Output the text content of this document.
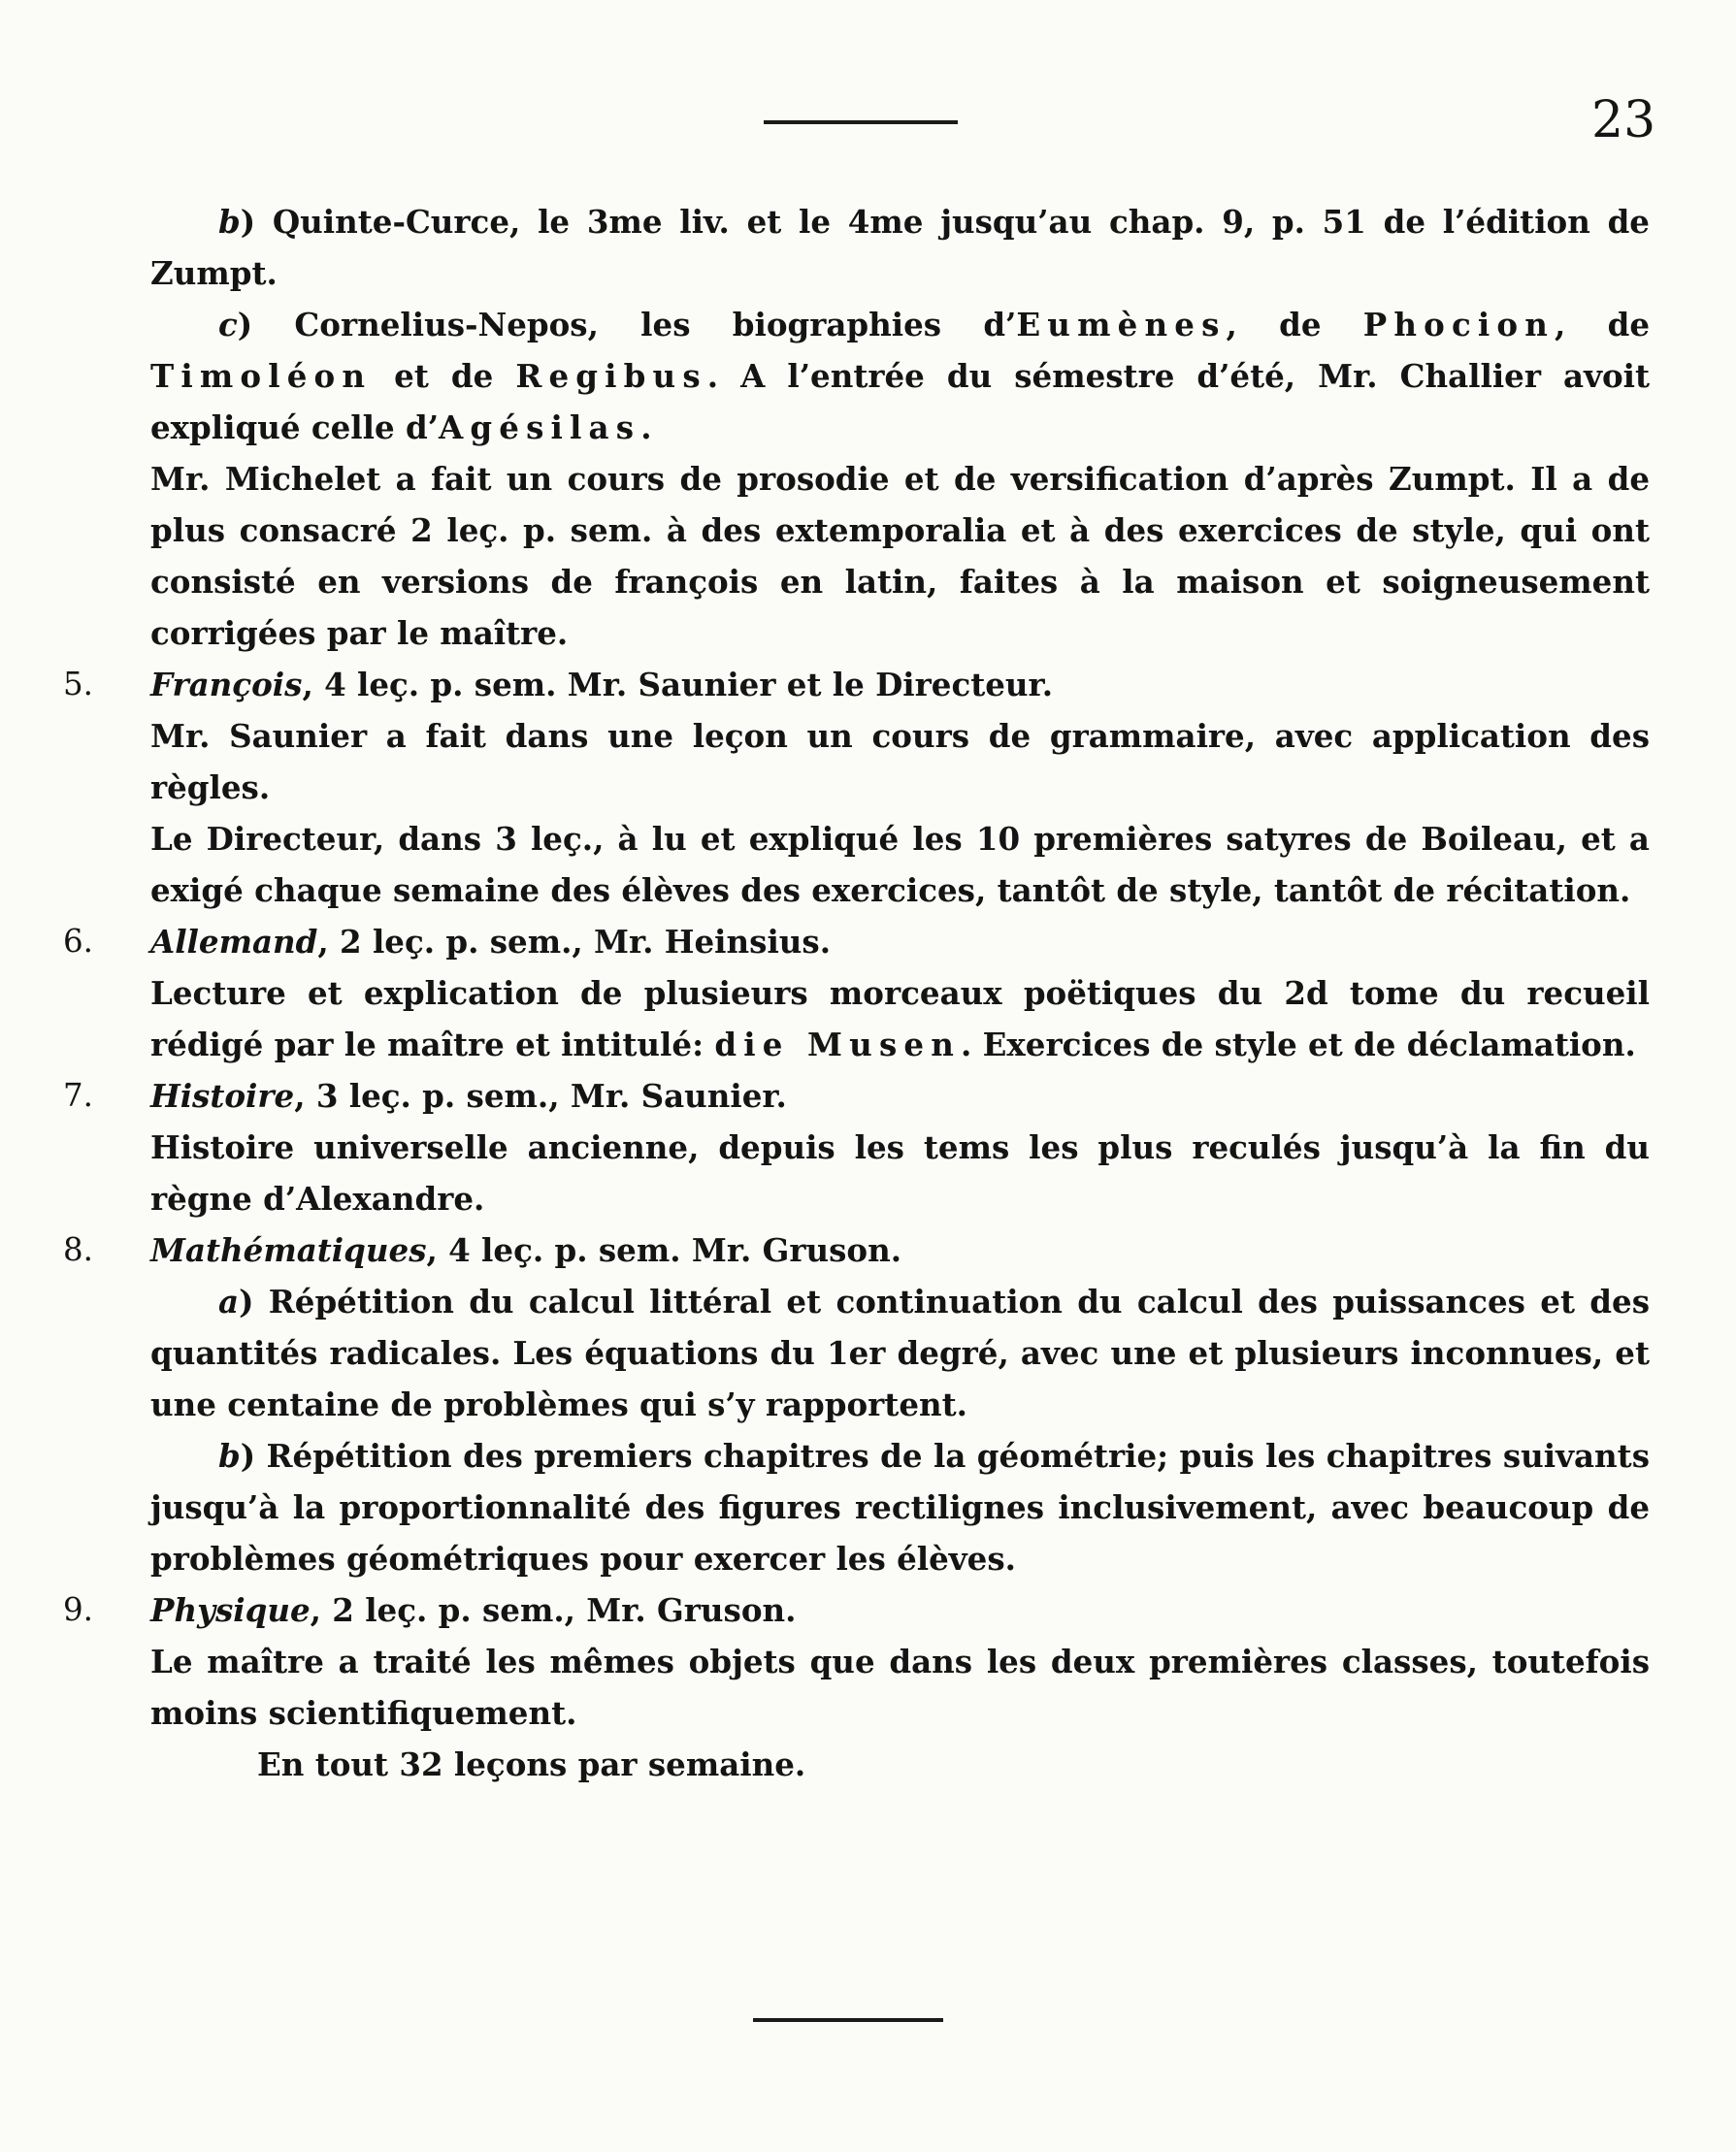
23

b) Quinte-Curce, le 3me liv. et le 4me jusqu’au chap. 9, p. 51 de l’édition de Zumpt.

c) Cornelius-Nepos, les biographies d’Eumènes, de Phocion, de Timoléon et de Regibus. A l’entrée du sémestre d’été, Mr. Challier avoit expliqué celle d’Agésilas.

Mr. Michelet a fait un cours de prosodie et de versification d’après Zumpt. Il a de plus consacré 2 leç. p. sem. à des extemporalia et à des exercices de style, qui ont consisté en versions de françois en latin, faites à la maison et soigneusement corrigées par le maître.

5. François, 4 leç. p. sem. Mr. Saunier et le Directeur.

Mr. Saunier a fait dans une leçon un cours de grammaire, avec application des règles.

Le Directeur, dans 3 leç., à lu et expliqué les 10 premières satyres de Boileau, et a exigé chaque semaine des élèves des exercices, tantôt de style, tantôt de récitation.

6. Allemand, 2 leç. p. sem., Mr. Heinsius.

Lecture et explication de plusieurs morceaux poëtiques du 2d tome du recueil rédigé par le maître et intitulé: die Musen. Exercices de style et de déclamation.

7. Histoire, 3 leç. p. sem., Mr. Saunier.

Histoire universelle ancienne, depuis les tems les plus reculés jusqu’à la fin du règne d’Alexandre.

8. Mathématiques, 4 leç. p. sem. Mr. Gruson.

a) Répétition du calcul littéral et continuation du calcul des puissances et des quantités radicales. Les équations du 1er degré, avec une et plusieurs inconnues, et une centaine de problèmes qui s’y rapportent.

b) Répétition des premiers chapitres de la géométrie; puis les chapitres suivants jusqu’à la proportionnalité des figures rectilignes inclusivement, avec beaucoup de problèmes géométriques pour exercer les élèves.

9. Physique, 2 leç. p. sem., Mr. Gruson.

Le maître a traité les mêmes objets que dans les deux premières classes, toutefois moins scientifiquement.

En tout 32 leçons par semaine.
